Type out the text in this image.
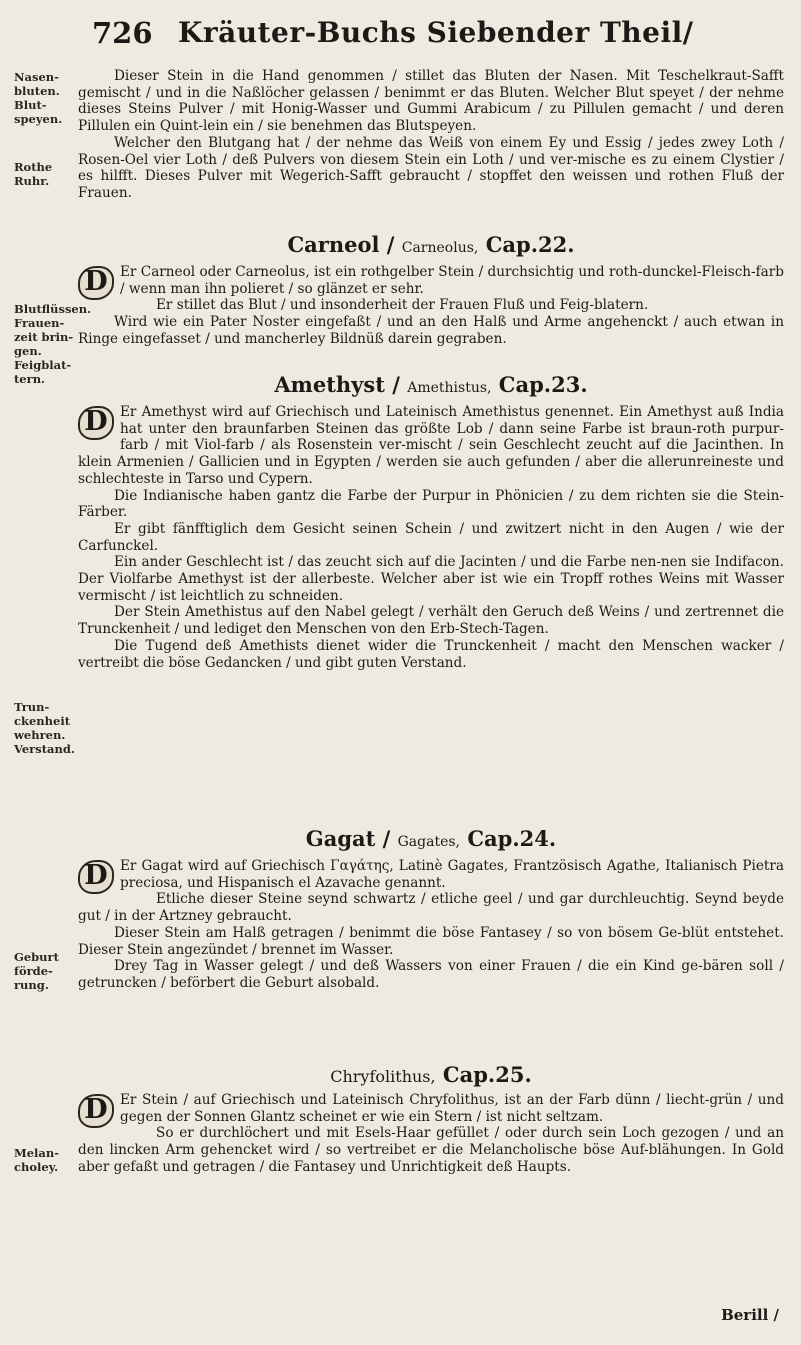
726 Kräuter-Buchs Siebender Theil/
Nasen-bluten. Blut-speyen.
Rothe Ruhr.
Blutflüssen. Frauen-zeit brin-gen. Feigblat-tern.
Trun-ckenheit wehren. Verstand.
Geburt förde-rung.
Melan-choley.

Dieser Stein in die Hand genommen / stillet das Bluten der Nasen. Mit Teschelkraut-Safft gemischt / und in die Naßlöcher gelassen / benimmt er das Bluten. Welcher Blut speyet / der nehme dieses Steins Pulver / mit Honig-Wasser und Gummi Arabicum / zu Pillulen gemacht / und deren Pillulen ein Quint-lein ein / sie benehmen das Blutspeyen.

Welcher den Blutgang hat / der nehme das Weiß von einem Ey und Essig / jedes zwey Loth / Rosen-Oel vier Loth / deß Pulvers von diesem Stein ein Loth / und ver-mische es zu einem Clystier / es hilfft. Dieses Pulver mit Wegerich-Safft gebraucht / stopffet den weissen und rothen Fluß der Frauen.

Carneol / Carneolus, Cap.22.

D Er Carneol oder Carneolus, ist ein rothgelber Stein / durchsichtig und roth-dunckel-Fleisch-farb / wenn man ihn polieret / so glänzet er sehr.

Er stillet das Blut / und insonderheit der Frauen Fluß und Feig-blatern.

Wird wie ein Pater Noster eingefaßt / und an den Halß und Arme angehenckt / auch etwan in Ringe eingefasset / und mancherley Bildnüß darein gegraben.

Amethyst / Amethistus, Cap.23.

D Er Amethyst wird auf Griechisch und Lateinisch Amethistus genennet. Ein Amethyst auß India hat unter den braunfarben Steinen das größte Lob / dann seine Farbe ist braun-roth purpur-farb / mit Viol-farb / als Rosenstein ver-mischt / sein Geschlecht zeucht auf die Jacinthen. In klein Armenien / Gallicien und in Egypten / werden sie auch gefunden / aber die allerunreineste und schlechteste in Tarso und Cypern.

Die Indianische haben gantz die Farbe der Purpur in Phönicien / zu dem richten sie die Stein-Färber.

Er gibt fänfftiglich dem Gesicht seinen Schein / und zwitzert nicht in den Augen / wie der Carfunckel.

Ein ander Geschlecht ist / das zeucht sich auf die Jacinten / und die Farbe nen-nen sie Indifacon. Der Violfarbe Amethyst ist der allerbeste. Welcher aber ist wie ein Tropff rothes Weins mit Wasser vermischt / ist leichtlich zu schneiden.

Der Stein Amethistus auf den Nabel gelegt / verhält den Geruch deß Weins / und zertrennet die Trunckenheit / und lediget den Menschen von den Erb-Stech-Tagen.

Die Tugend deß Amethists dienet wider die Trunckenheit / macht den Menschen wacker / vertreibt die böse Gedancken / und gibt guten Verstand.

Gagat / Gagates, Cap.24.

D Er Gagat wird auf Griechisch Γαγάτης, Latinè Gagates, Frantzösisch Agathe, Italianisch Pietra preciosa, und Hispanisch el Azavache genannt.

Etliche dieser Steine seynd schwartz / etliche geel / und gar durchleuchtig. Seynd beyde gut / in der Artzney gebraucht.

Dieser Stein am Halß getragen / benimmt die böse Fantasey / so von bösem Ge-blüt entstehet. Dieser Stein angezündet / brennet im Wasser.

Drey Tag in Wasser gelegt / und deß Wassers von einer Frauen / die ein Kind ge-bären soll / getruncken / beförbert die Geburt alsobald.

Chryfolithus, Cap.25.

D Er Stein / auf Griechisch und Lateinisch Chryfolithus, ist an der Farb dünn / liecht-grün / und gegen der Sonnen Glantz scheinet er wie ein Stern / ist nicht seltzam.

So er durchlöchert und mit Esels-Haar gefüllet / oder durch sein Loch gezogen / und an den lincken Arm gehencket wird / so vertreibet er die Melancholische böse Auf-blähungen. In Gold aber gefaßt und getragen / die Fantasey und Unrichtigkeit deß Haupts.

Berill /
